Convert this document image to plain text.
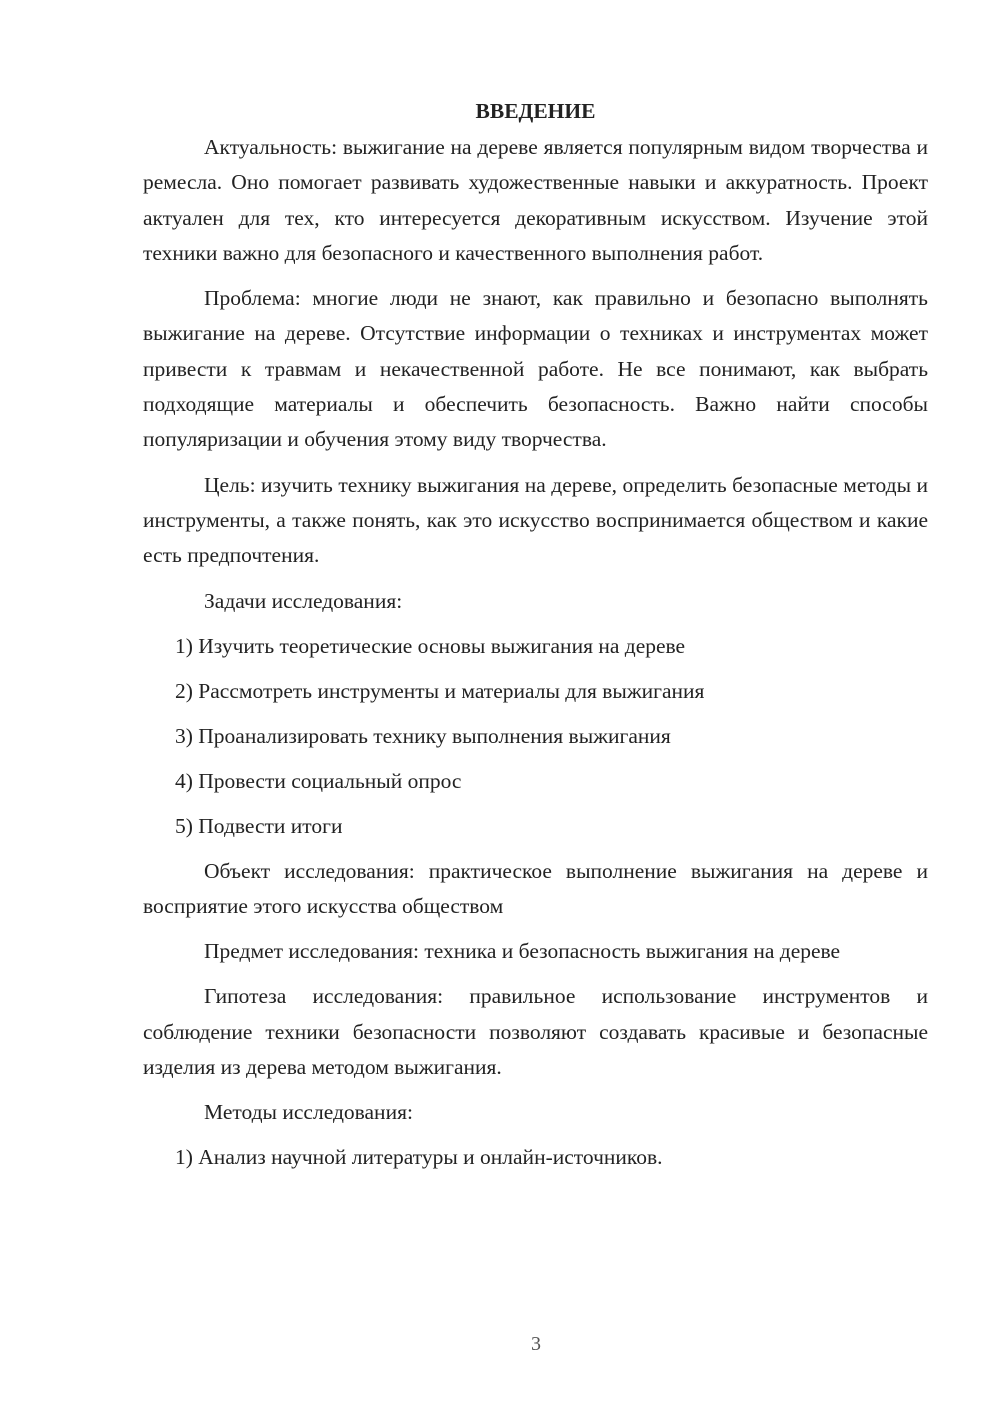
ВВЕДЕНИЕ

Актуальность: выжигание на дереве является популярным видом творчества и ремесла. Оно помогает развивать художественные навыки и аккуратность. Проект актуален для тех, кто интересуется декоративным искусством. Изучение этой техники важно для безопасного и качественного выполнения работ.

Проблема: многие люди не знают, как правильно и безопасно выполнять выжигание на дереве. Отсутствие информации о техниках и инструментах может привести к травмам и некачественной работе. Не все понимают, как выбрать подходящие материалы и обеспечить безопасность. Важно найти способы популяризации и обучения этому виду творчества.

Цель: изучить технику выжигания на дереве, определить безопасные методы и инструменты, а также понять, как это искусство воспринимается обществом и какие есть предпочтения.

Задачи исследования:
1) Изучить теоретические основы выжигания на дереве
2) Рассмотреть инструменты и материалы для выжигания
3) Проанализировать технику выполнения выжигания
4) Провести социальный опрос
5) Подвести итоги

Объект исследования: практическое выполнение выжигания на дереве и восприятие этого искусства обществом

Предмет исследования: техника и безопасность выжигания на дереве

Гипотеза исследования: правильное использование инструментов и соблюдение техники безопасности позволяют создавать красивые и безопасные изделия из дерева методом выжигания.

Методы исследования:
1) Анализ научной литературы и онлайн-источников.
3
